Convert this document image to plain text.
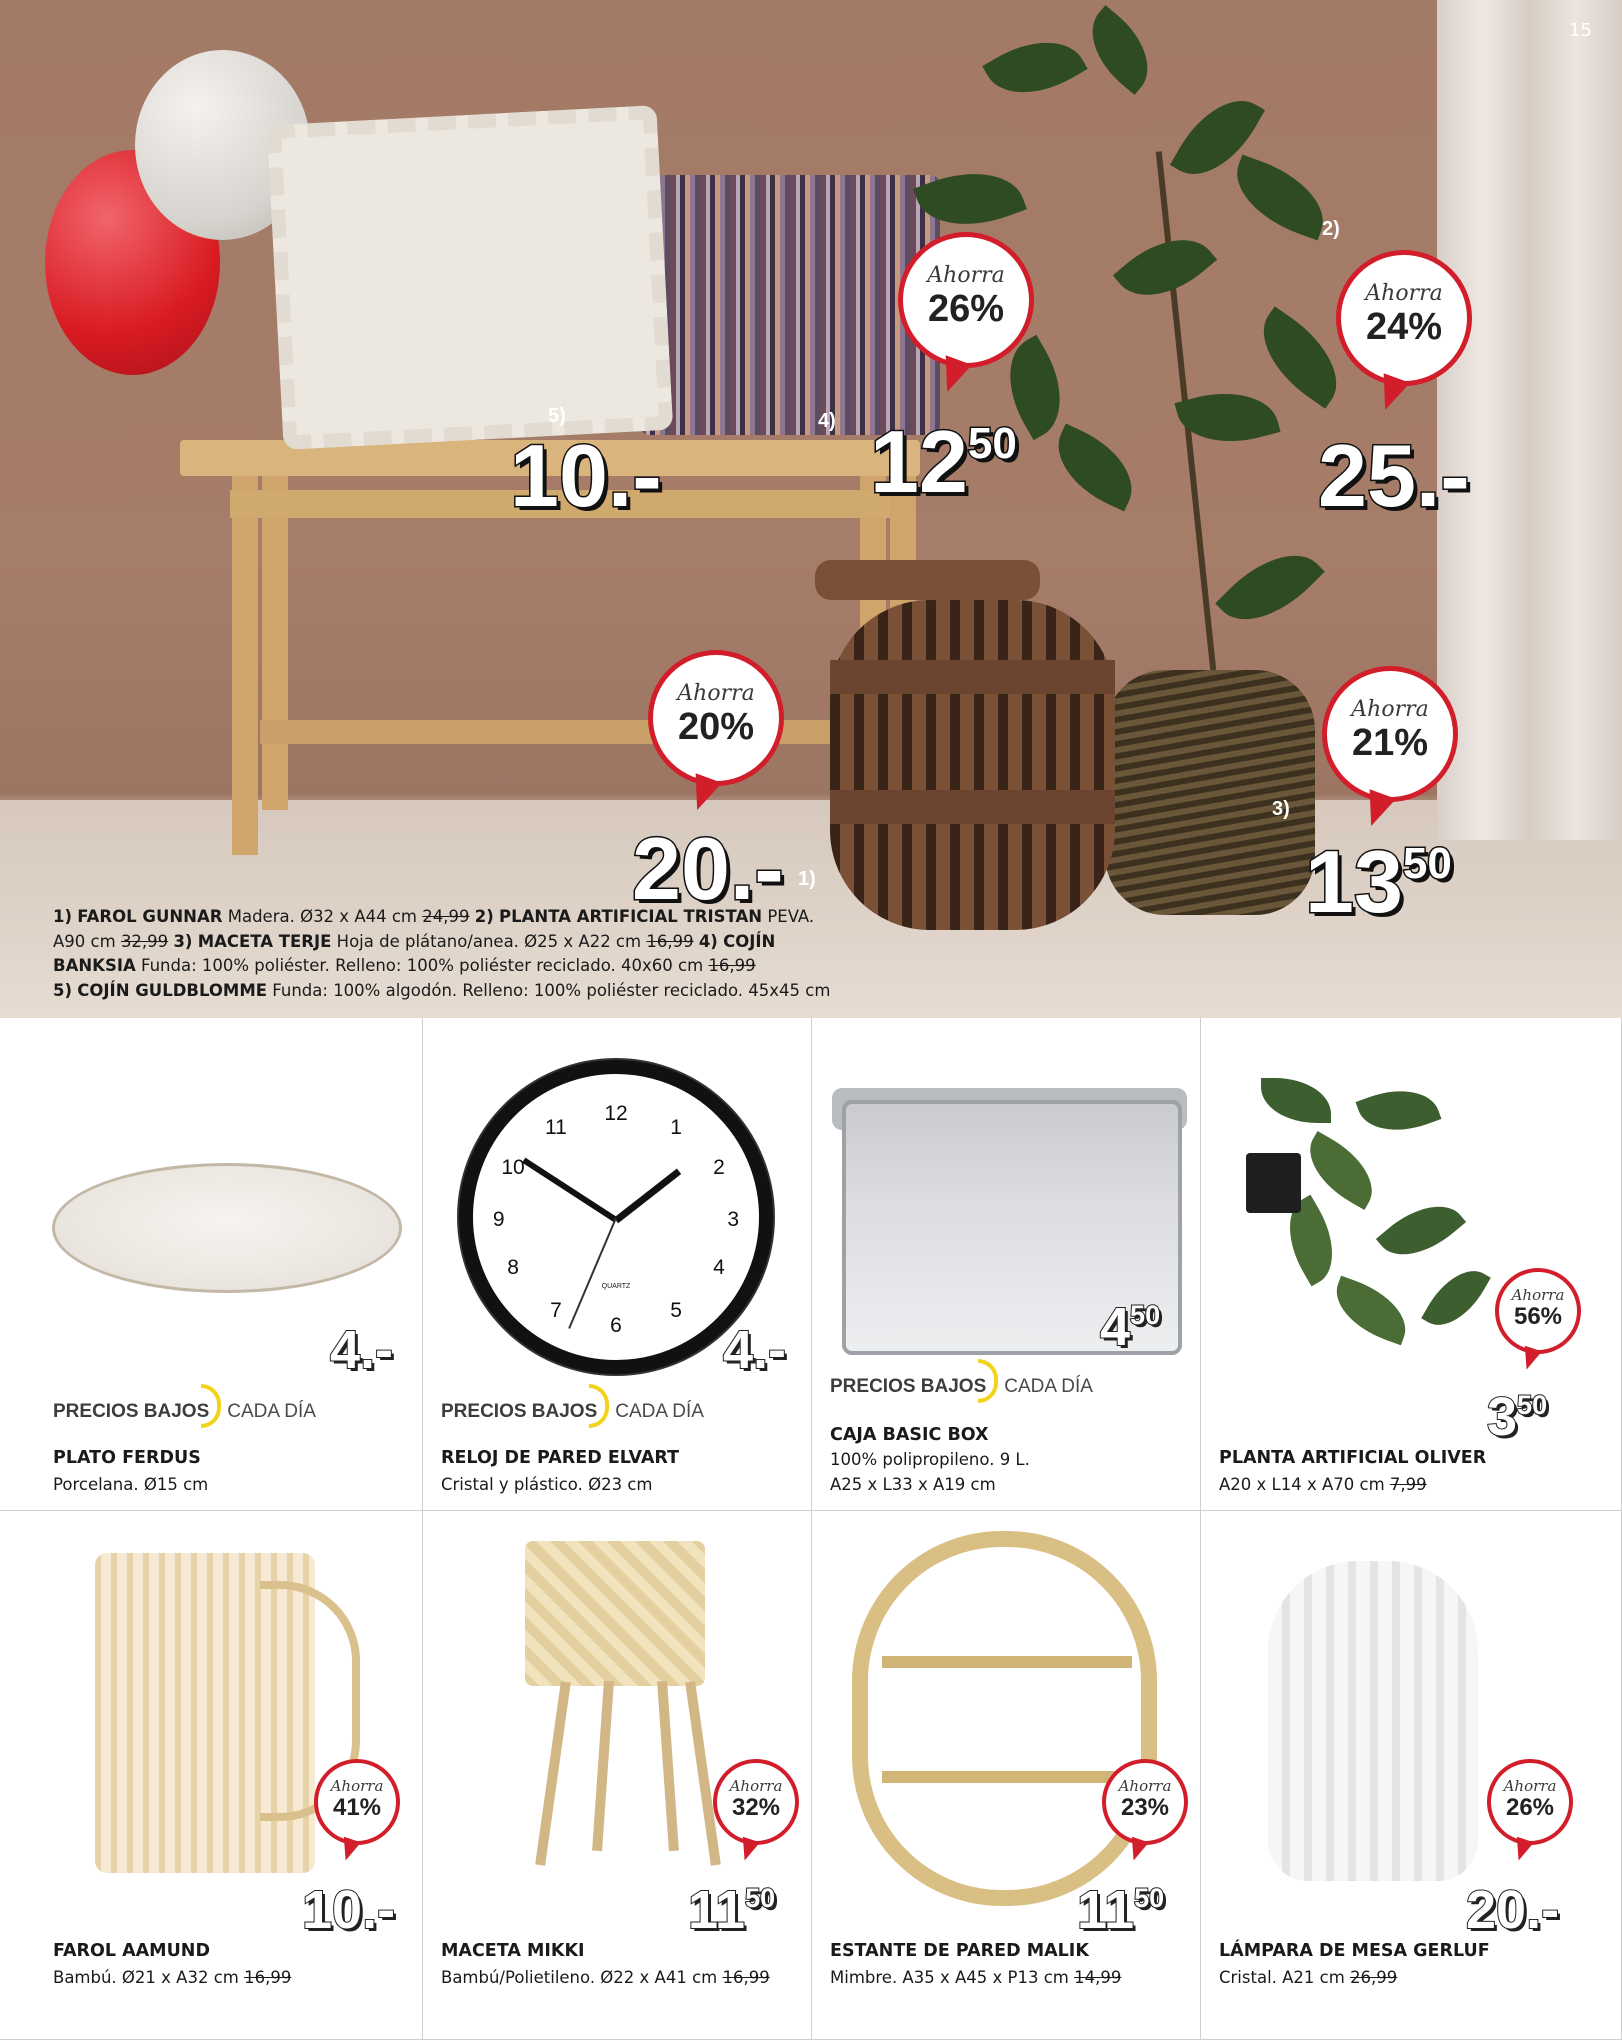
15
Ahorra
26%	Ahorra
24%
Ahorra
20%	Ahorra
21%
5)
10.-
4) $12^{50}$
2)
25.-
3)
$13^{50}$
1)
20.-
1) FAROL GUNNAR Madera. Ø32 x A44 cm 24,99 2) PLANTA ARTIFICIAL TRISTAN PEVA.
A90 cm 32,99 3) MACETA TERJE Hoja de plátano/anea. Ø25 x A22 cm 16,99 4) COJÍN
BANKSIA Funda: 100% poliéster. Relleno: 100% poliéster reciclado. 40x60 cm 16,99
5) COJÍN GULDBLOMME Funda: 100% algodón. Relleno: 100% poliéster reciclado. 45x45 cm
4.-
PRECIOS BAJOS CADA DÍA
PLATO FERDUS
Porcelana. Ø15 cm
12
1
2
3
4
5
6
7
8
9
10
11
QUARTZ
4.-
PRECIOS BAJOS CADA DÍA
RELOJ DE PARED ELVART
Cristal y plástico. Ø23 cm
$4^{50}$
PRECIOS BAJOS CADA DÍA
CAJA BASIC BOX
100% polipropileno. 9 L.
A25 x L33 x A19 cm
Ahorra
56%
$3^{50}$
PLANTA ARTIFICIAL OLIVER
A20 x L14 x A70 cm 7,99
Ahorra
41%
10.-
FAROL AAMUND
Bambú. Ø21 x A32 cm 16,99
Ahorra
32%
$11^{50}$
MACETA MIKKI
Bambú/Polietileno. Ø22 x A41 cm 16,99
Ahorra
23%
$11^{50}$
ESTANTE DE PARED MALIK
Mimbre. A35 x A45 x P13 cm 14,99
Ahorra
26%
20.-
LÁMPARA DE MESA GERLUF
Cristal. A21 cm 26,99
